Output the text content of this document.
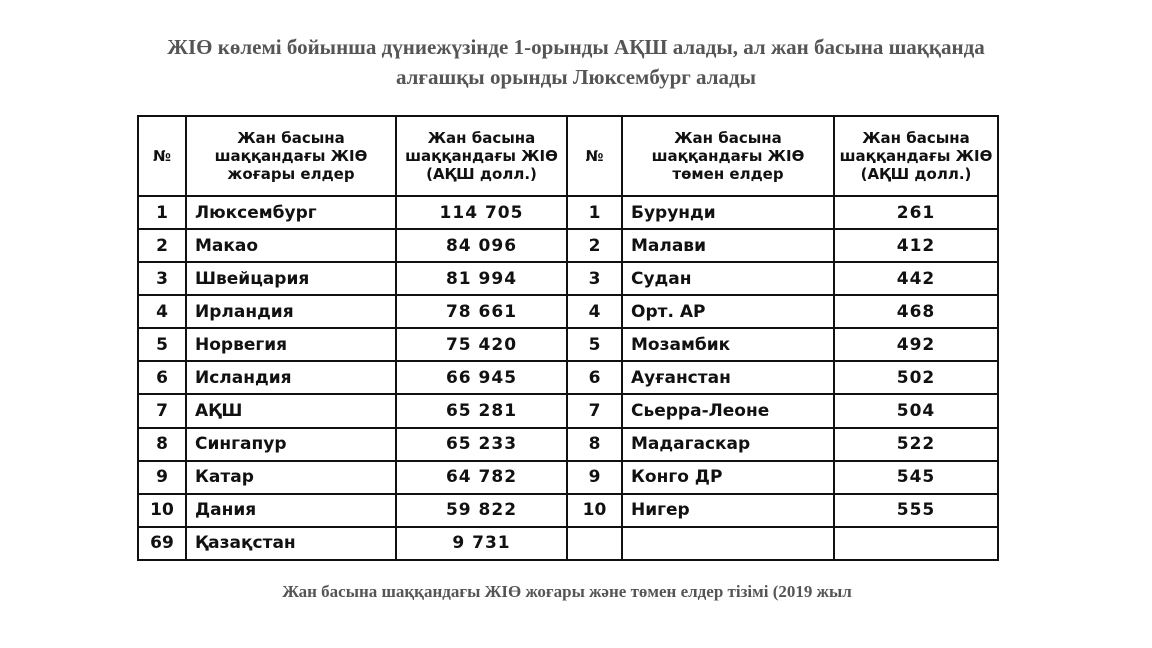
ЖІӨ көлемі бойынша дүниежүзінде 1-орынды АҚШ алады, ал жан басына шаққанда
алғашқы орынды Люксембург алады
№	Жан басына шаққандағы ЖІӨ жоғары елдер	Жан басына шаққандағы ЖІӨ (АҚШ долл.)	№	Жан басына шаққандағы ЖІӨ төмен елдер	Жан басына шаққандағы ЖІӨ (АҚШ долл.)
1	Люксембург	114 705	1	Бурунди	261
2	Макао	84 096	2	Малави	412
3	Швейцария	81 994	3	Судан	442
4	Ирландия	78 661	4	Орт. АР	468
5	Норвегия	75 420	5	Мозамбик	492
6	Исландия	66 945	6	Ауғанстан	502
7	АҚШ	65 281	7	Сьерра-Леоне	504
8	Сингапур	65 233	8	Мадагаскар	522
9	Катар	64 782	9	Конго ДР	545
10	Дания	59 822	10	Нигер	555
69	Қазақстан	9 731			
Жан басына шаққандағы ЖІӨ жоғары және төмен елдер тізімі (2019 жыл
